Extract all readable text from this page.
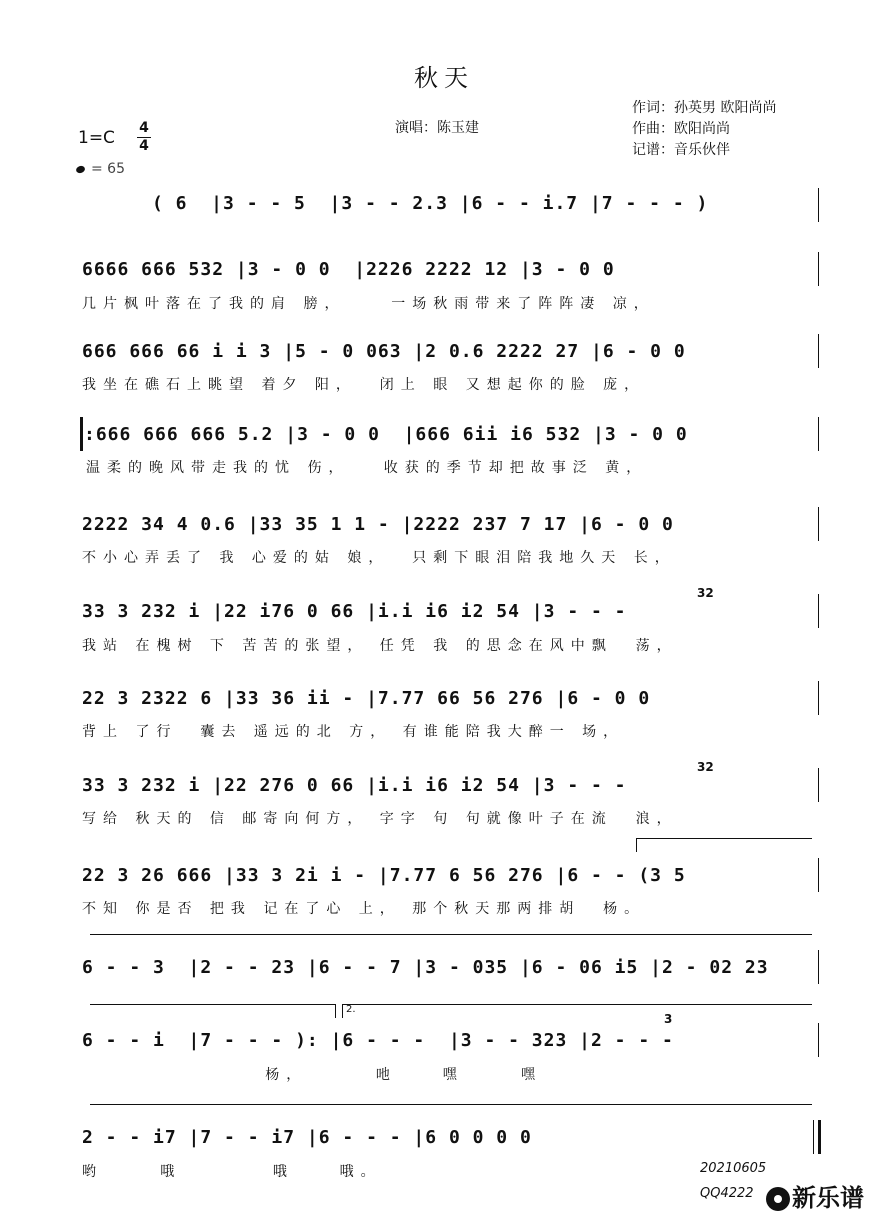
秋天
演唱：陈玉建
作词：孙英男 欧阳尚尚
作曲：欧阳尚尚
记谱：音乐伙伴
1=C 4
4
= 65
( 6  |3 - - 5  |3 - - 2.3 |6 - - i.7 |7 - - - )
6666 666 532 |3 - 0 0  |2226 2222 12 |3 - 0 0
几片枫叶落在了我的肩 膀，    一场秋雨带来了阵阵凄 凉，
666 666 66 i i 3 |5 - 0 063 |2 0.6 2222 27 |6 - 0 0
我坐在礁石上眺望 着夕 阳，  闭上 眼 又想起你的脸 庞，
:666 666 666 5.2 |3 - 0 0  |666 6ii i6 532 |3 - 0 0
温柔的晚风带走我的忧 伤，   收获的季节却把故事泛 黄，
2222 34 4 0.6 |33 35 1 1 - |2222 237 7 17 |6 - 0 0
不小心弄丢了 我 心爱的姑 娘，  只剩下眼泪陪我地久天 长，
32
33 3 232 i |22 i76 0 66 |i.i i6 i2 54 |3 - - -
我站 在槐树 下 苦苦的张望， 任凭 我 的思念在风中飘  荡，
22 3 2322 6 |33 36 ii - |7.77 66 56 276 |6 - 0 0
背上 了行  囊去 遥远的北 方， 有谁能陪我大醉一 场，
32
33 3 232 i |22 276 0 66 |i.i i6 i2 54 |3 - - -
写给 秋天的 信 邮寄向何方， 字字 句 句就像叶子在流  浪，
22 3 26 666 |33 3 2i i - |7.77 6 56 276 |6 - - (3 5
不知 你是否 把我 记在了心 上， 那个秋天那两排胡  杨。
6 - - 3  |2 - - 23 |6 - - 7 |3 - 035 |6 - 06 i5 |2 - 02 23
2.
3
6 - - i  |7 - - - ): |6 - - -  |3 - - 323 |2 - - -
杨，      吔    嘿     嘿
2 - - i7 |7 - - i7 |6 - - - |6 0 0 0 0
哟     哦        哦    哦。	20210605
QQ4222	新乐谱
